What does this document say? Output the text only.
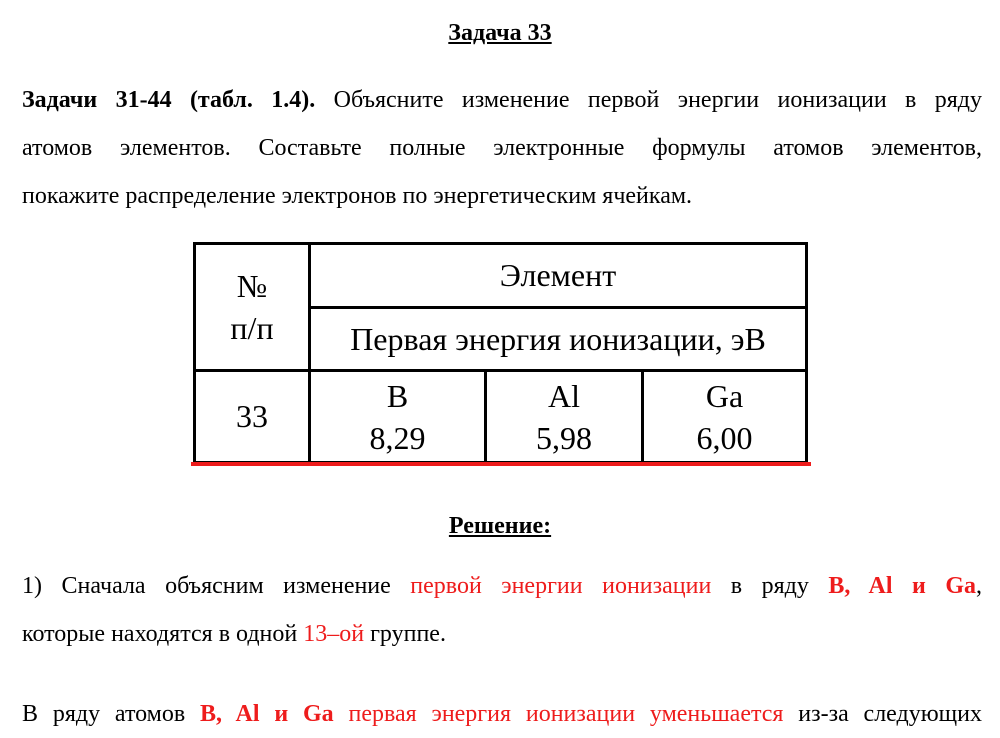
Задача 33
Задачи 31-44 (табл. 1.4). Объясните изменение первой энергии ионизации в ряду
атомов элементов. Составьте полные электронные формулы атомов элементов,
покажите распределение электронов по энергетическим ячейкам.
№
п/п
Элемент
Первая энергия ионизации, эВ
33
B
8,29
Al
5,98
Ga
6,00
Решение:
1) Сначала объясним изменение первой энергии ионизации в ряду B, Al и Ga,
которые находятся в одной 13–ой группе.
В ряду атомов B, Al и Ga первая энергия ионизации уменьшается из-за следующих
